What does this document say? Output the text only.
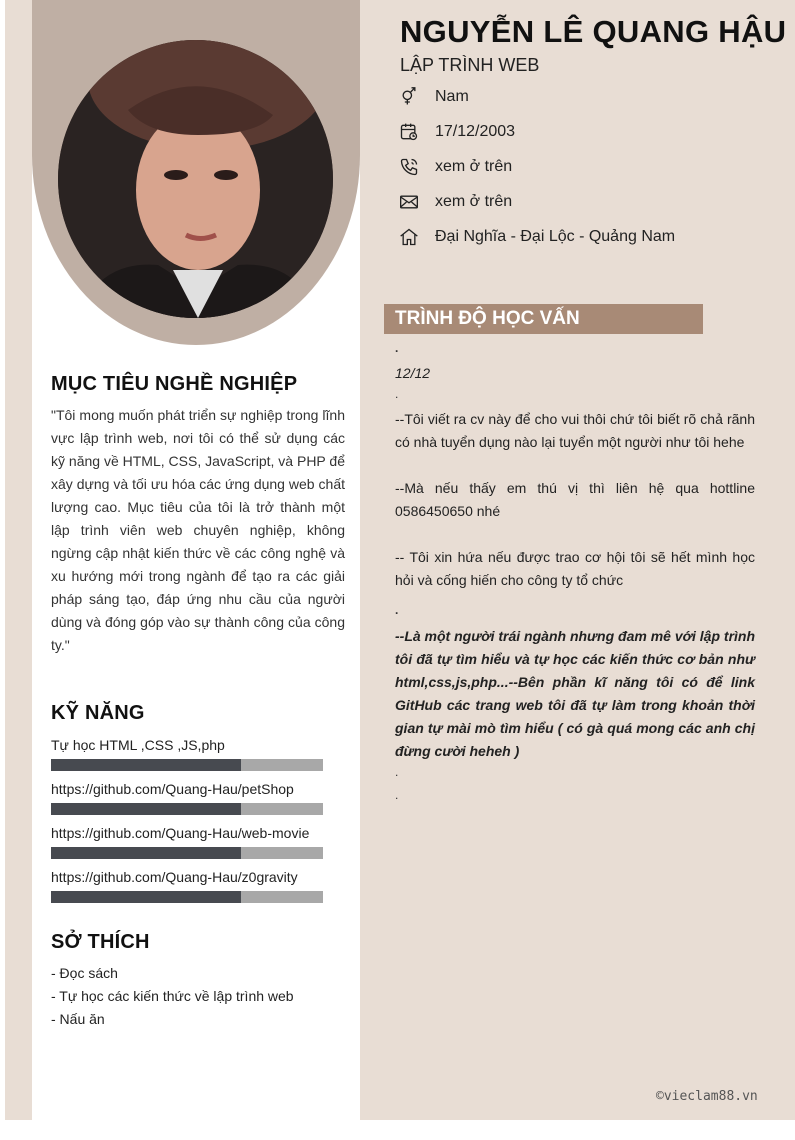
MỤC TIÊU NGHỀ NGHIỆP
"Tôi mong muốn phát triển sự nghiệp trong lĩnh vực lập trình web, nơi tôi có thể sử dụng các kỹ năng về HTML, CSS, JavaScript, và PHP để xây dựng và tối ưu hóa các ứng dụng web chất lượng cao. Mục tiêu của tôi là trở thành một lập trình viên web chuyên nghiệp, không ngừng cập nhật kiến thức về các công nghệ và xu hướng mới trong ngành để tạo ra các giải pháp sáng tạo, đáp ứng nhu cầu của người dùng và đóng góp vào sự thành công của công ty."
KỸ NĂNG
Tự học HTML ,CSS ,JS,php
https://github.com/Quang-Hau/petShop
https://github.com/Quang-Hau/web-movie
https://github.com/Quang-Hau/z0gravity
SỞ THÍCH
- Đọc sách
- Tự học các kiến thức về lập trình web
- Nấu ăn
NGUYỄN LÊ QUANG HẬU
LẬP TRÌNH WEB
Nam
17/12/2003
xem ở trên
xem ở trên
Đại Nghĩa - Đại Lộc - Quảng Nam
TRÌNH ĐỘ HỌC VẤN
.
12/12
.
--Tôi viết ra cv này để cho vui thôi chứ tôi biết rõ chả rãnh có nhà tuyển dụng nào lại tuyển một người như tôi hehe
--Mà nếu thấy em thú vị thì liên hệ qua hottline 0586450650 nhé
-- Tôi xin hứa nếu được trao cơ hội tôi sẽ hết mình học hỏi và cống hiến cho công ty tổ chức
.
--Là một người trái ngành nhưng đam mê với lập trình tôi đã tự tìm hiểu và tự học các kiến thức cơ bản như html,css,js,php...--Bên phần kĩ năng tôi có để link GitHub các trang web tôi đã tự làm trong khoản thời gian tự mài mò tìm hiểu ( có gà quá mong các anh chị đừng cười heheh )
.
.
©vieclam88.vn
